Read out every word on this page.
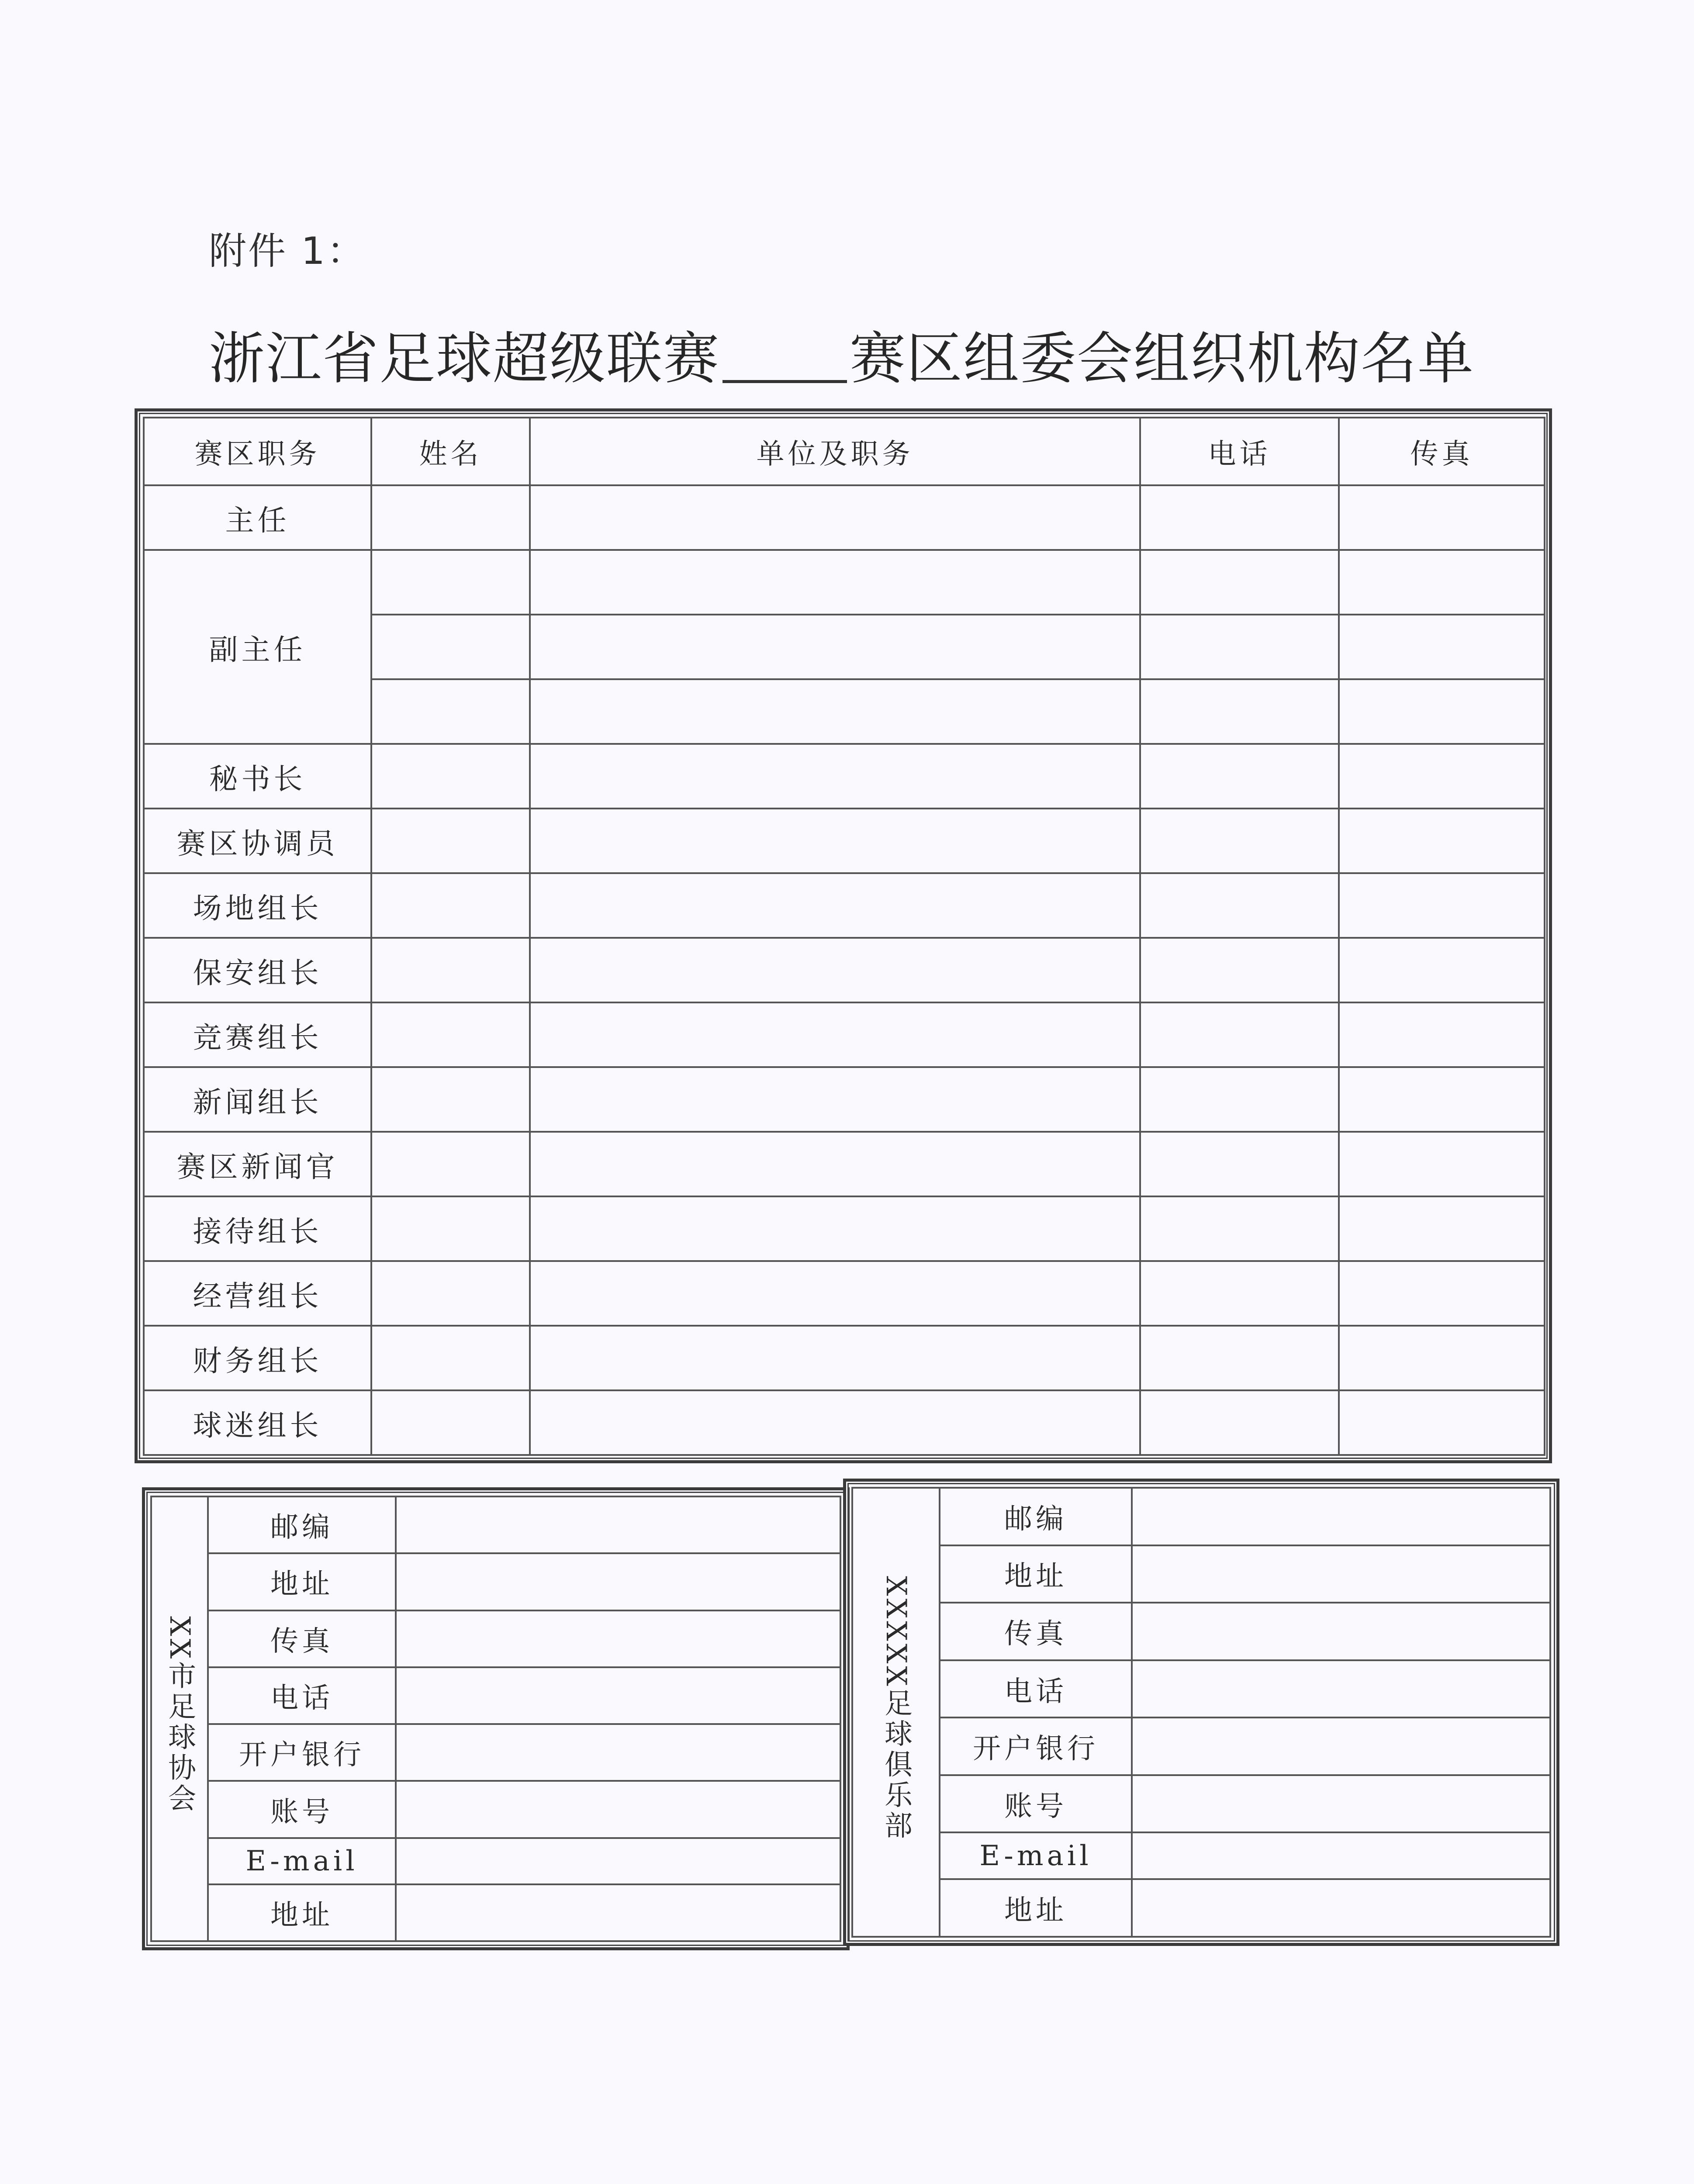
附件 1：
浙江省足球超级联赛 赛区组委会组织机构名单
赛区职务	姓名	单位及职务	电话	传真
主任				
副主任				

秘书长				
赛区协调员				
场地组长				
保安组长				
竞赛组长				
新闻组长				
赛区新闻官				
接待组长				
经营组长				
财务组长				
球迷组长				
XX市足球协会	邮编	
	地址	
	传真	
	电话	
	开户银行	
	账号	
	E-mail	
	地址	
XXXXX足球俱乐部	邮编	
	地址	
	传真	
	电话	
	开户银行	
	账号	
	E-mail	
	地址	
